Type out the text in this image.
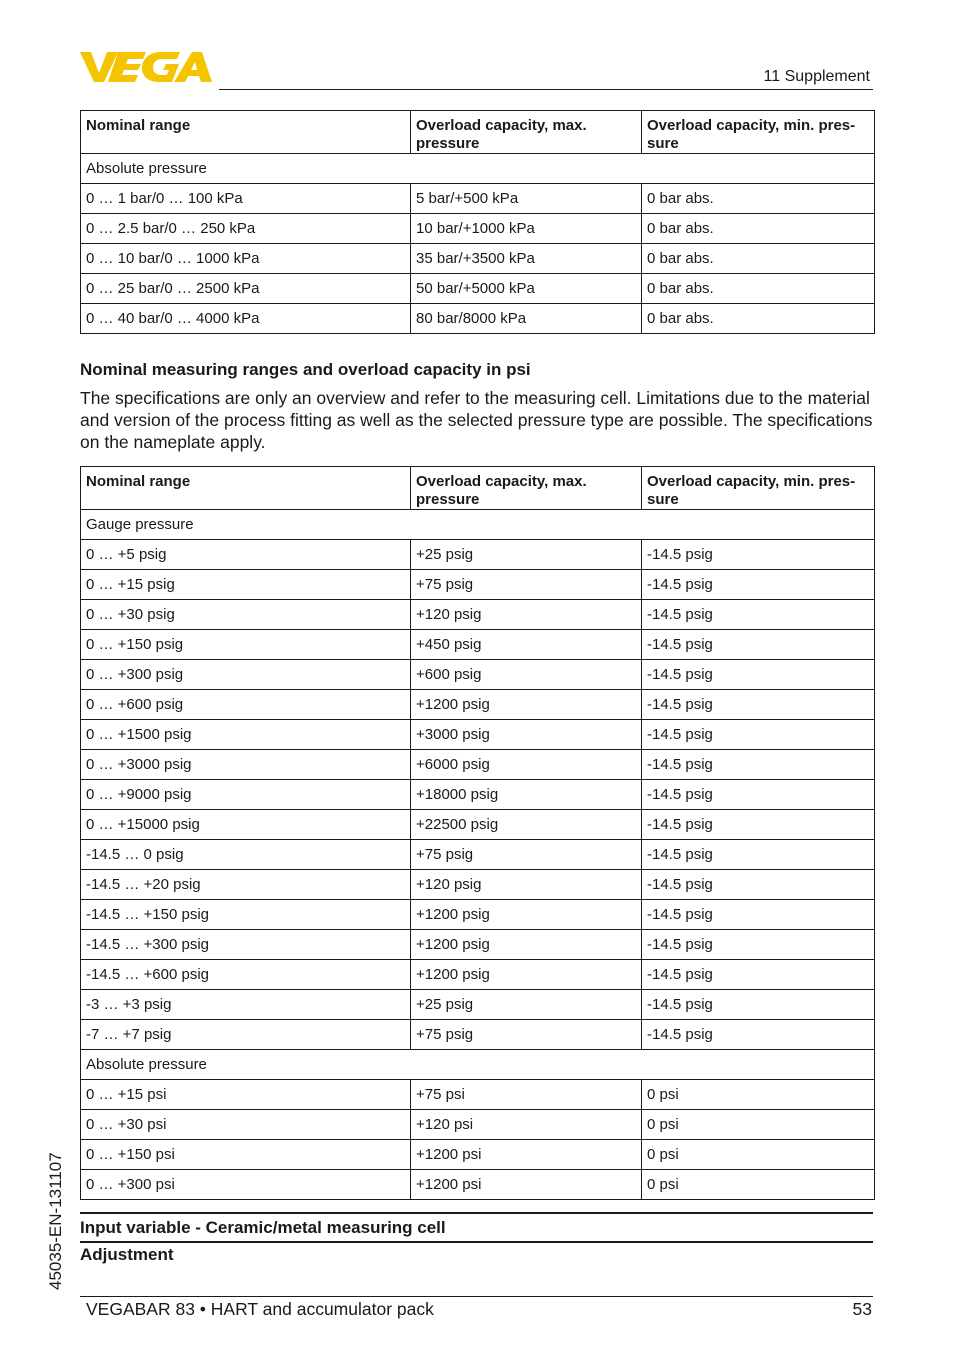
11 Supplement
Nominal range	Overload capacity, max. pressure	Overload capacity, min. pres-sure
Absolute pressure		
0 … 1 bar/0 … 100 kPa	5 bar/+500 kPa	0 bar abs.
0 … 2.5 bar/0 … 250 kPa	10 bar/+1000 kPa	0 bar abs.
0 … 10 bar/0 … 1000 kPa	35 bar/+3500 kPa	0 bar abs.
0 … 25 bar/0 … 2500 kPa	50 bar/+5000 kPa	0 bar abs.
0 … 40 bar/0 … 4000 kPa	80 bar/8000 kPa	0 bar abs.
Nominal measuring ranges and overload capacity in psi
The specifications are only an overview and refer to the measuring cell. Limitations due to the material and version of the process fitting as well as the selected pressure type are possible. The specifications on the nameplate apply.
Nominal range	Overload capacity, max. pressure	Overload capacity, min. pres-sure
Gauge pressure		
0 … +5 psig	+25 psig	-14.5 psig
0 … +15 psig	+75 psig	-14.5 psig
0 … +30 psig	+120 psig	-14.5 psig
0 … +150 psig	+450 psig	-14.5 psig
0 … +300 psig	+600 psig	-14.5 psig
0 … +600 psig	+1200 psig	-14.5 psig
0 … +1500 psig	+3000 psig	-14.5 psig
0 … +3000 psig	+6000 psig	-14.5 psig
0 … +9000 psig	+18000 psig	-14.5 psig
0 … +15000 psig	+22500 psig	-14.5 psig
-14.5 … 0 psig	+75 psig	-14.5 psig
-14.5 … +20 psig	+120 psig	-14.5 psig
-14.5 … +150 psig	+1200 psig	-14.5 psig
-14.5 … +300 psig	+1200 psig	-14.5 psig
-14.5 … +600 psig	+1200 psig	-14.5 psig
-3 … +3 psig	+25 psig	-14.5 psig
-7 … +7 psig	+75 psig	-14.5 psig
Absolute pressure		
0 … +15 psi	+75 psi	0 psi
0 … +30 psi	+120 psi	0 psi
0 … +150 psi	+1200 psi	0 psi
0 … +300 psi	+1200 psi	0 psi
Input variable - Ceramic/metal measuring cell
Adjustment
45035-EN-131107
VEGABAR 83 • HART and accumulator pack	53
